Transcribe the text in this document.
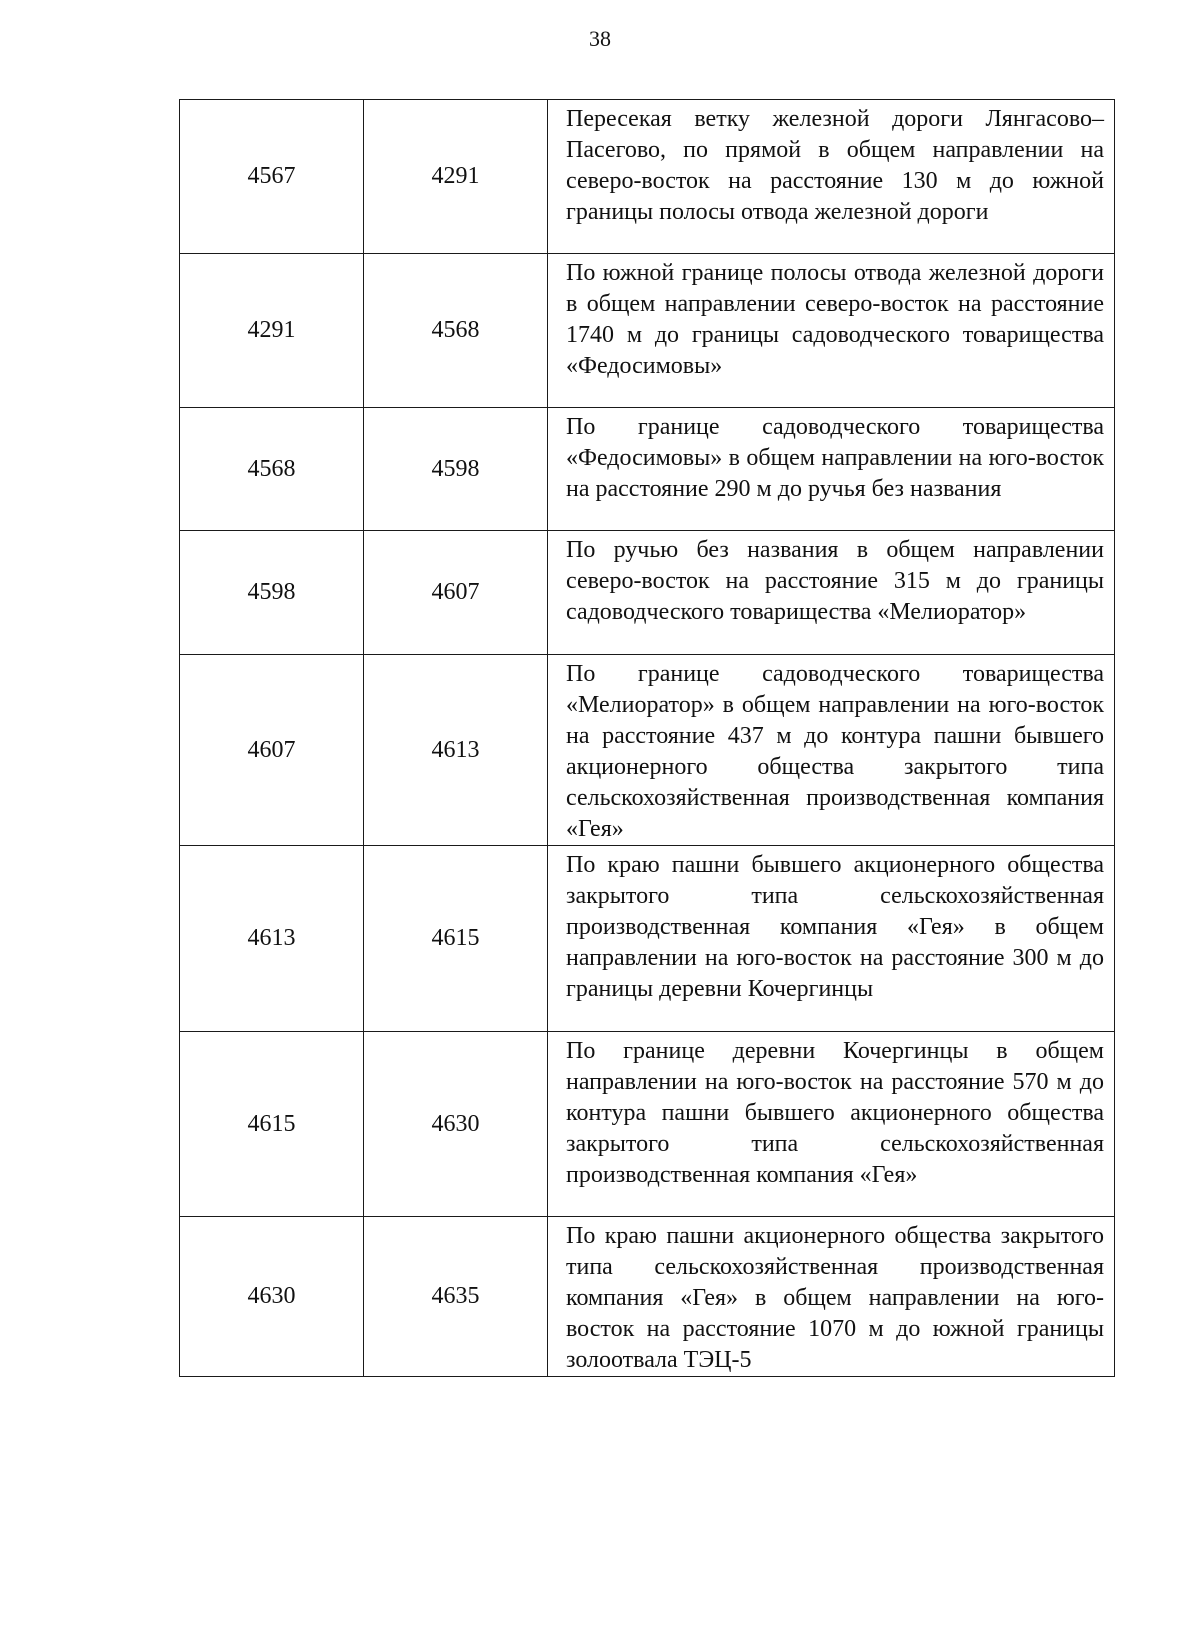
38
4567	4291	Пересекая ветку железной дороги Лянгасово– Пасегово, по прямой в общем направлении на северо-восток на расстояние 130 м до южной границы полосы отвода железной дороги
4291	4568	По южной границе полосы отвода железной дороги в общем направлении северо-восток на расстояние 1740 м до границы садоводческого товарищества «Федосимовы»
4568	4598	По границе садоводческого товарищества «Федосимовы» в общем направлении на юго-восток на расстояние 290 м до ручья без названия
4598	4607	По ручью без названия в общем направлении северо-восток на расстояние 315 м до границы садоводческого товарищества «Мелиоратор»
4607	4613	По границе садоводческого товарищества «Мелиоратор» в общем направлении на юго-восток на расстояние 437 м до контура пашни бывшего акционерного общества закрытого типа сельскохозяйственная производственная компания «Гея»
4613	4615	По краю пашни бывшего акционерного общества закрытого типа сельскохозяйственная производственная компания «Гея» в общем направлении на юго-восток на расстояние 300 м до границы деревни Кочергинцы
4615	4630	По границе деревни Кочергинцы в общем направлении на юго-восток на расстояние 570 м до контура пашни бывшего акционерного общества закрытого типа сельскохозяйственная производственная компания «Гея»
4630	4635	По краю пашни акционерного общества закрытого типа сельскохозяйственная производственная компания «Гея» в общем направлении на юго-восток на расстояние 1070 м до южной границы золоотвала ТЭЦ-5
